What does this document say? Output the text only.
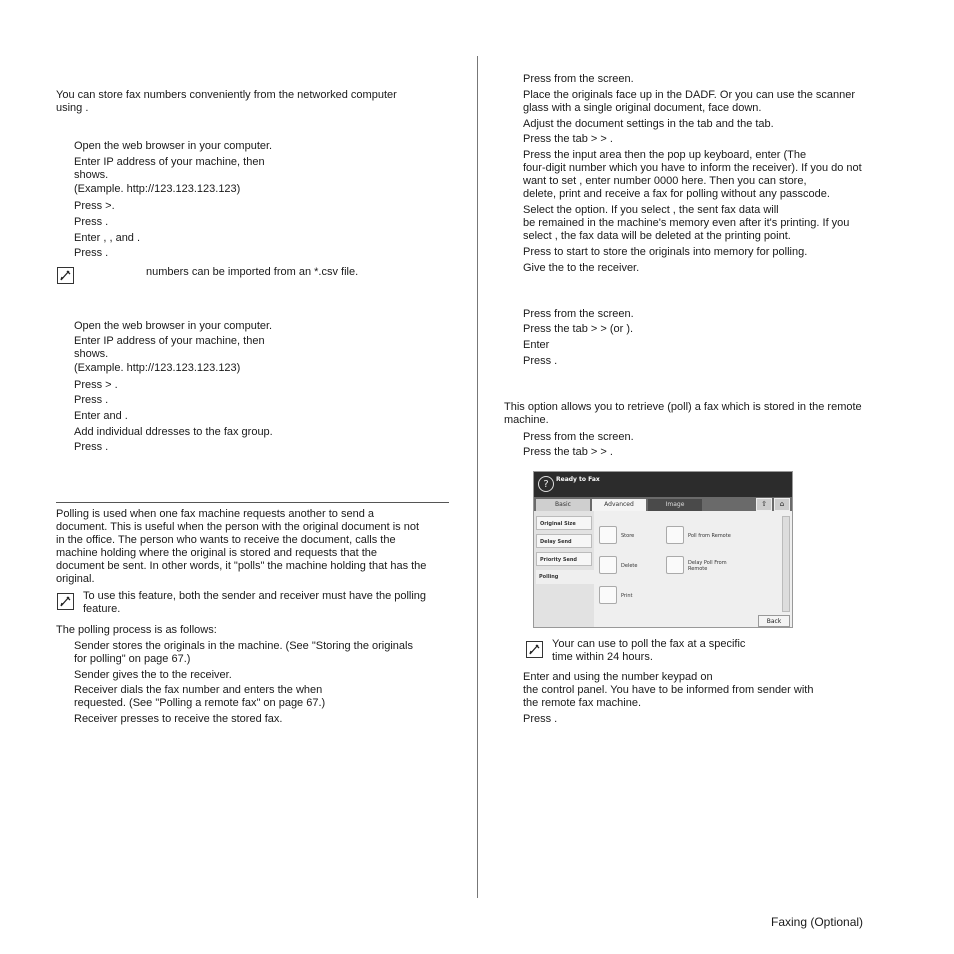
You can store fax numbers conveniently from the networked computer
using .
Open the web browser in your computer.
Enter IP address of your machine, then
shows.
(Example. http://123.123.123.123)
Press >.
Press .
Enter , , and .
Press .
numbers can be imported from an *.csv file.
Open the web browser in your computer.
Enter IP address of your machine, then
shows.
(Example. http://123.123.123.123)
Press > .
Press .
Enter and .
Add individual ddresses to the fax group.
Press .
Polling is used when one fax machine requests another to send a
document. This is useful when the person with the original document is not
in the office. The person who wants to receive the document, calls the
machine holding where the original is stored and requests that the
document be sent. In other words, it "polls" the machine holding that has the
original.
To use this feature, both the sender and receiver must have the polling
feature.
The polling process is as follows:
Sender stores the originals in the machine. (See "Storing the originals
for polling" on page 67.)
Sender gives the to the receiver.
Receiver dials the fax number and enters the when
requested. (See "Polling a remote fax" on page 67.)
Receiver presses to receive the stored fax.
Press from the screen.
Place the originals face up in the DADF. Or you can use the scanner
glass with a single original document, face down.
Adjust the document settings in the tab and the tab.
Press the tab > > .
Press the input area then the pop up keyboard, enter (The
four-digit number which you have to inform the receiver). If you do not
want to set , enter number 0000 here. Then you can store,
delete, print and receive a fax for polling without any passcode.
Select the option. If you select , the sent fax data will
be remained in the machine's memory even after it's printing. If you
select , the fax data will be deleted at the printing point.
Press to start to store the originals into memory for polling.
Give the to the receiver.
Press from the screen.
Press the tab > > (or ).
Enter
Press .
This option allows you to retrieve (poll) a fax which is stored in the remote
machine.
Press from the screen.
Press the tab > > .
?	Ready to Fax
Basic	Advanced	Image	⇧	⌂
Original Size
Delay Send
Priority Send
Polling
Store	Poll from Remote
Delete	Delay Poll From Remote
Print
Back
Your can use to poll the fax at a specific
time within 24 hours.
Enter and using the number keypad on
the control panel. You have to be informed from sender with
the remote fax machine.
Press .
Faxing (Optional)
